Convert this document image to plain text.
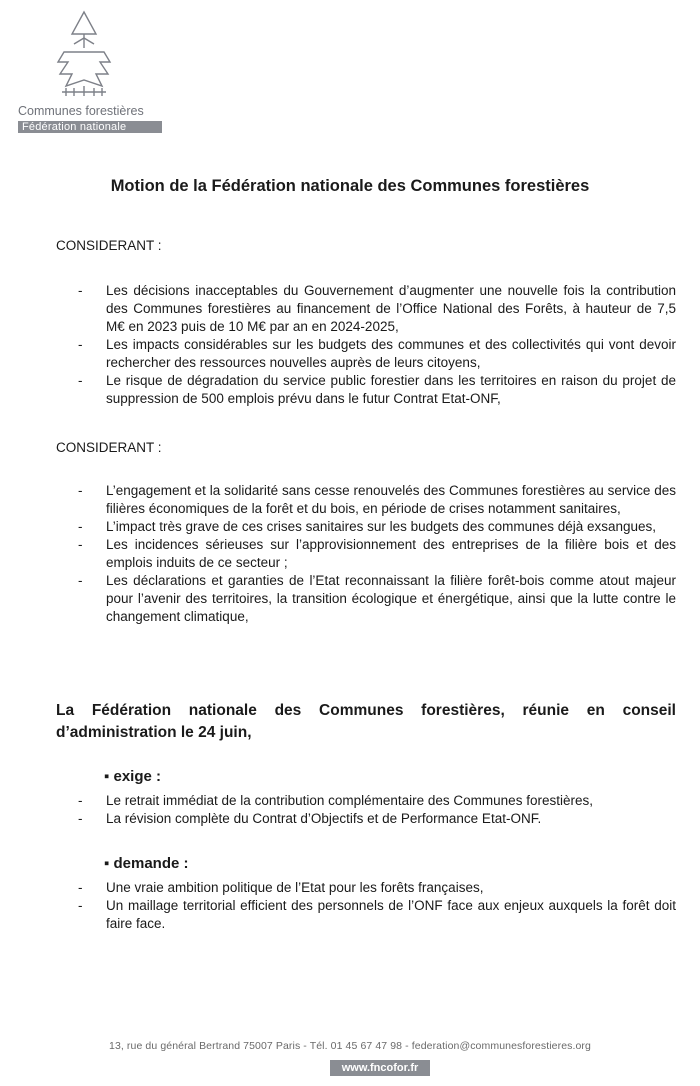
Communes forestières
Fédération nationale
Motion de la Fédération nationale des Communes forestières
CONSIDERANT :
- Les décisions inacceptables du Gouvernement d’augmenter une nouvelle fois la contribution des Communes forestières au financement de l’Office National des Forêts, à hauteur de 7,5 M€ en 2023 puis de 10 M€ par an en 2024-2025,
- Les impacts considérables sur les budgets des communes et des collectivités qui vont devoir rechercher des ressources nouvelles auprès de leurs citoyens,
- Le risque de dégradation du service public forestier dans les territoires en raison du projet de suppression de 500 emplois prévu dans le futur Contrat Etat-ONF,
CONSIDERANT :
- L’engagement et la solidarité sans cesse renouvelés des Communes forestières au service des filières économiques de la forêt et du bois, en période de crises notamment sanitaires,
- L’impact très grave de ces crises sanitaires sur les budgets des communes déjà exsangues,
- Les incidences sérieuses sur l’approvisionnement des entreprises de la filière bois et des emplois induits de ce secteur ;
- Les déclarations et garanties de l’Etat reconnaissant la filière forêt-bois comme atout majeur pour l’avenir des territoires, la transition écologique et énergétique, ainsi que la lutte contre le changement climatique,
La Fédération nationale des Communes forestières, réunie en conseil d’administration le 24 juin,
▪ exige :
- Le retrait immédiat de la contribution complémentaire des Communes forestières,
- La révision complète du Contrat d’Objectifs et de Performance Etat-ONF.
▪ demande :
- Une vraie ambition politique de l’Etat pour les forêts françaises,
- Un maillage territorial efficient des personnels de l’ONF face aux enjeux auxquels la forêt doit faire face.
13, rue du général Bertrand 75007 Paris - Tél. 01 45 67 47 98 - federation@communesforestieres.org
www.fncofor.fr
